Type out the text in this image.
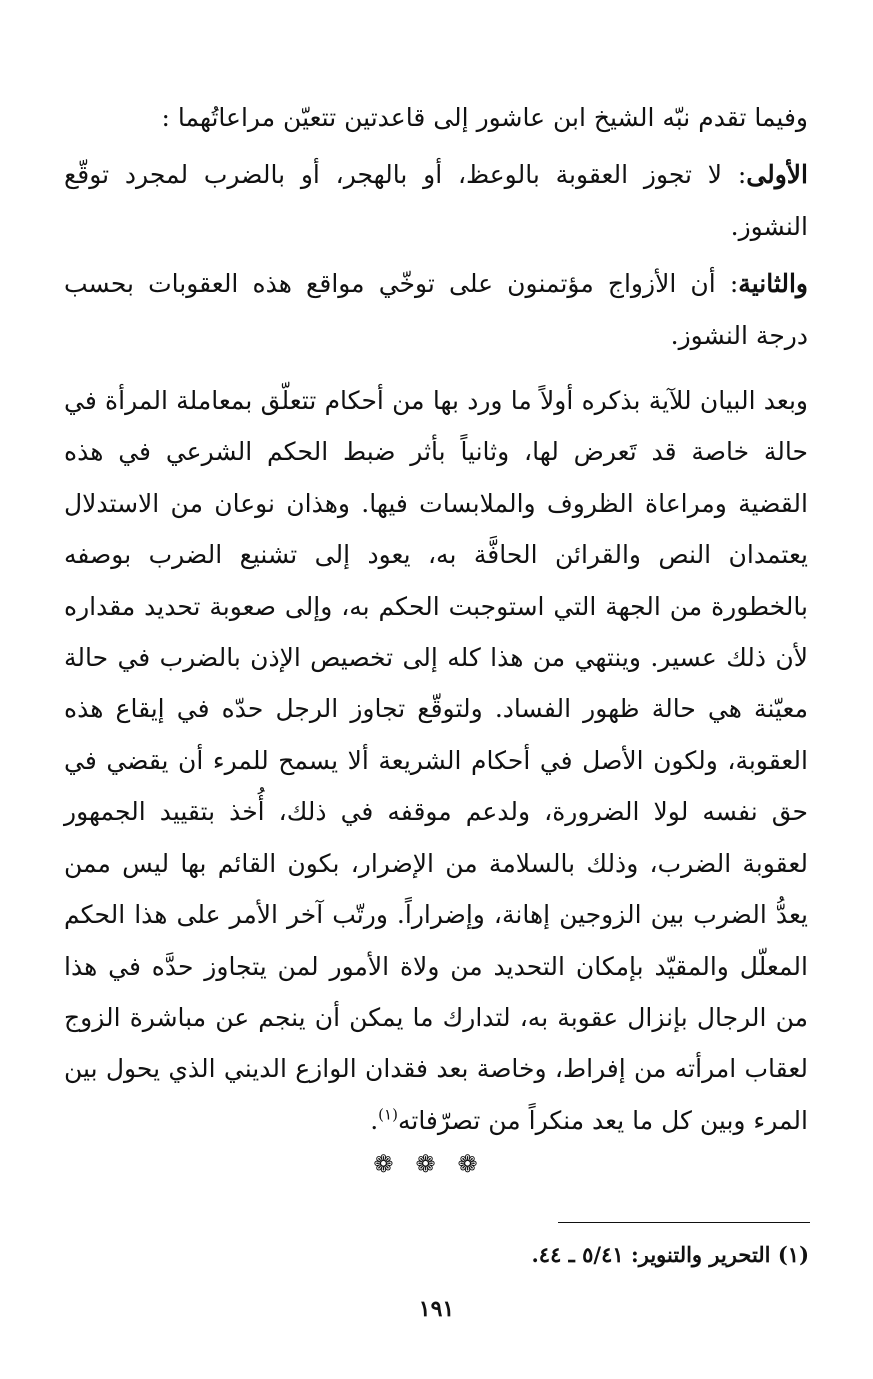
وفيما تقدم نبّه الشيخ ابن عاشور إلى قاعدتين تتعيّن مراعاتُهما :

الأولى: لا تجوز العقوبة بالوعظ، أو بالهجر، أو بالضرب لمجرد توقّع النشوز.

والثانية: أن الأزواج مؤتمنون على توخّي مواقع هذه العقوبات بحسب درجة النشوز.

وبعد البيان للآية بذكره أولاً ما ورد بها من أحكام تتعلّق بمعاملة المرأة في حالة خاصة قد تَعرض لها، وثانياً بأثر ضبط الحكم الشرعي في هذه القضية ومراعاة الظروف والملابسات فيها. وهذان نوعان من الاستدلال يعتمدان النص والقرائن الحافَّة به، يعود إلى تشنيع الضرب بوصفه بالخطورة من الجهة التي استوجبت الحكم به، وإلى صعوبة تحديد مقداره لأن ذلك عسير. وينتهي من هذا كله إلى تخصيص الإذن بالضرب في حالة معيّنة هي حالة ظهور الفساد. ولتوقّع تجاوز الرجل حدّه في إيقاع هذه العقوبة، ولكون الأصل في أحكام الشريعة ألا يسمح للمرء أن يقضي في حق نفسه لولا الضرورة، ولدعم موقفه في ذلك، أُخذ بتقييد الجمهور لعقوبة الضرب، وذلك بالسلامة من الإضرار، بكون القائم بها ليس ممن يعدُّ الضرب بين الزوجين إهانة، وإضراراً. ورتّب آخر الأمر على هذا الحكم المعلّل والمقيّد بإمكان التحديد من ولاة الأمور لمن يتجاوز حدَّه في هذا من الرجال بإنزال عقوبة به، لتدارك ما يمكن أن ينجم عن مباشرة الزوج لعقاب امرأته من إفراط، وخاصة بعد فقدان الوازع الديني الذي يحول بين المرء وبين كل ما يعد منكراً من تصرّفاته$^{(١)}$.

❁❁❁
(١) التحرير والتنوير: ٥/٤١ ـ ٤٤.
١٩١
